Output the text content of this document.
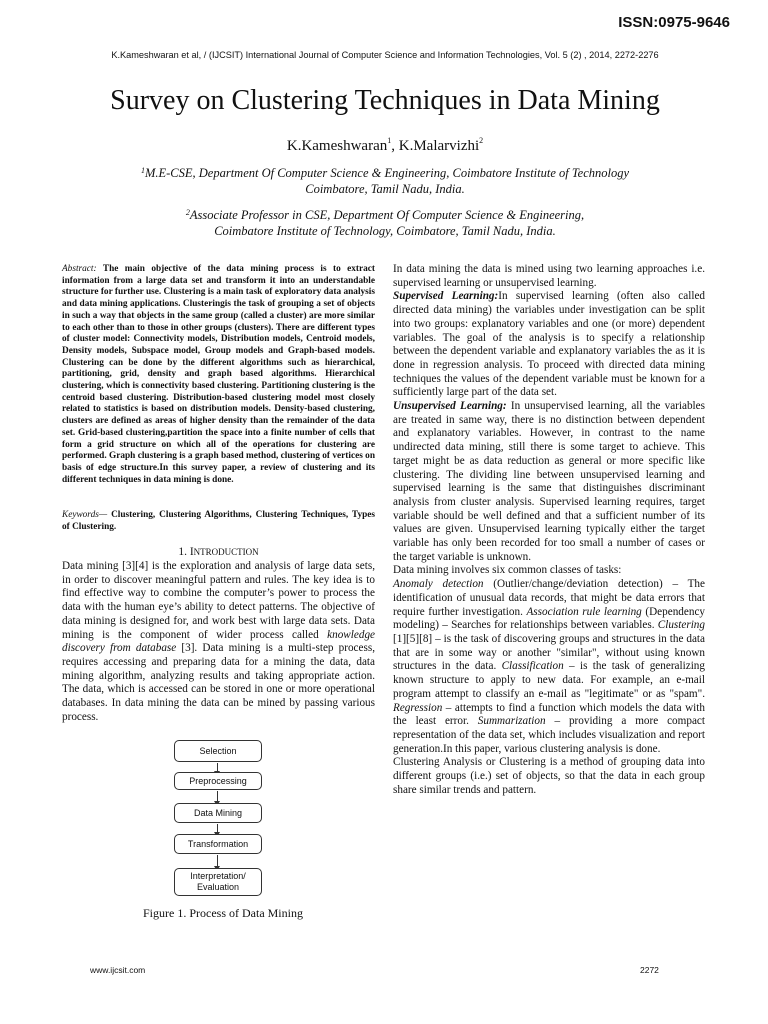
ISSN:0975-9646
K.Kameshwaran et al, / (IJCSIT) International Journal of Computer Science and Information Technologies, Vol. 5 (2) , 2014, 2272-2276
Survey on Clustering Techniques in Data Mining
K.Kameshwaran$^1$, K.Malarvizhi$^2$
$^1$M.E-CSE, Department Of Computer Science & Engineering, Coimbatore Institute of Technology
Coimbatore, Tamil Nadu, India.
$^2$Associate Professor in CSE, Department Of Computer Science & Engineering,
Coimbatore Institute of Technology, Coimbatore, Tamil Nadu, India.
Abstract: The main objective of the data mining process is to extract information from a large data set and transform it into an understandable structure for further use. Clustering is a main task of exploratory data analysis and data mining applications. Clusteringis the task of grouping a set of objects in such a way that objects in the same group (called a cluster) are more similar to each other than to those in other groups (clusters). There are different types of cluster model: Connectivity models, Distribution models, Centroid models, Density models, Subspace model, Group models and Graph-based models. Clustering can be done by the different algorithms such as hierarchical, partitioning, grid, density and graph based algorithms. Hierarchical clustering, which is connectivity based clustering. Partitioning clustering is the centroid based clustering. Distribution-based clustering model most closely related to statistics is based on distribution models. Density-based clustering, clusters are defined as areas of higher density than the remainder of the data set. Grid-based clustering,partition the space into a finite number of cells that form a grid structure on which all of the operations for clustering are performed. Graph clustering is a graph based method, clustering of vertices on basis of edge structure.In this survey paper, a review of clustering and its different techniques in data mining is done.
Keywords— Clustering, Clustering Algorithms, Clustering Techniques, Types of Clustering.
1. INTRODUCTION
Data mining [3][4] is the exploration and analysis of large data sets, in order to discover meaningful pattern and rules. The key idea is to find effective way to combine the computer’s power to process the data with the human eye’s ability to detect patterns. The objective of data mining is designed for, and work best with large data sets. Data mining is the component of wider process called knowledge discovery from database [3]. Data mining is a multi-step process, requires accessing and preparing data for a mining the data, data mining algorithm, analyzing results and taking appropriate action. The data, which is accessed can be stored in one or more operational databases. In data mining the data can be mined by passing various process.
Selection
Preprocessing
Data Mining
Transformation
Interpretation/
Evaluation
Figure 1. Process of Data Mining

In data mining the data is mined using two learning approaches i.e. supervised learning or unsupervised learning.

Supervised Learning:In supervised learning (often also called directed data mining) the variables under investigation can be split into two groups: explanatory variables and one (or more) dependent variables. The goal of the analysis is to specify a relationship between the dependent variable and explanatory variables the as it is done in regression analysis. To proceed with directed data mining techniques the values of the dependent variable must be known for a sufficiently large part of the data set.

Unsupervised Learning: In unsupervised learning, all the variables are treated in same way, there is no distinction between dependent and explanatory variables. However, in contrast to the name undirected data mining, still there is some target to achieve. This target might be as data reduction as general or more specific like clustering. The dividing line between unsupervised learning and supervised learning is the same that distinguishes discriminant analysis from cluster analysis. Supervised learning requires, target variable should be well defined and that a sufficient number of its values are given. Unsupervised learning typically either the target variable has only been recorded for too small a number of cases or the target variable is unknown.

Data mining involves six common classes of tasks:

Anomaly detection (Outlier/change/deviation detection) – The identification of unusual data records, that might be data errors that require further investigation. Association rule learning (Dependency modeling) – Searches for relationships between variables. Clustering [1][5][8] – is the task of discovering groups and structures in the data that are in some way or another "similar", without using known structures in the data. Classification – is the task of generalizing known structure to apply to new data. For example, an e-mail program attempt to classify an e-mail as "legitimate" or as "spam". Regression – attempts to find a function which models the data with the least error. Summarization – providing a more compact representation of the data set, which includes visualization and report generation.In this paper, various clustering analysis is done.

Clustering Analysis or Clustering is a method of grouping data into different groups (i.e.) set of objects, so that the data in each group share similar trends and pattern.

www.ijcsit.com	2272
